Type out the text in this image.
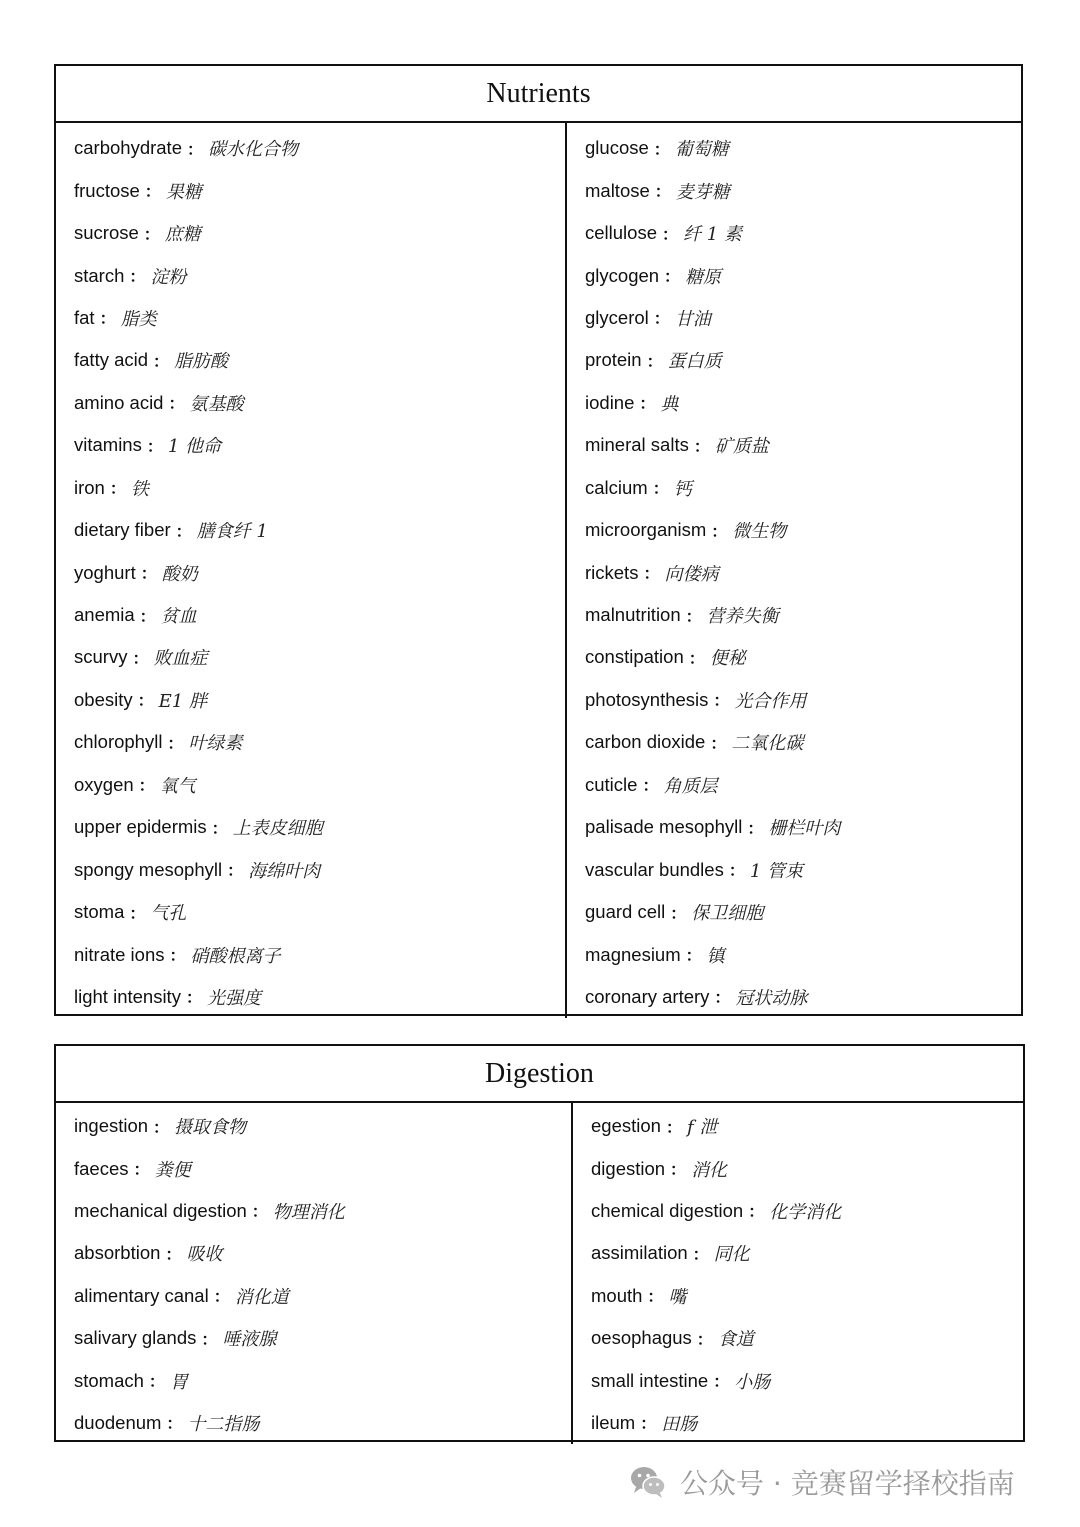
Nutrients
carbohydrate ： 碳水化合物
fructose ： 果糖
sucrose ： 庶糖
starch ： 淀粉
fat ： 脂类
fatty acid ： 脂肪酸
amino acid ： 氨基酸
vitamins ： 1 他命
iron ： 铁
dietary fiber ： 膳食纤 1
yoghurt ： 酸奶
anemia ： 贫血
scurvy ： 败血症
obesity ： E1 胖
chlorophyll ： 叶绿素
oxygen ： 氧气
upper epidermis ： 上表皮细胞
spongy mesophyll ： 海绵叶肉
stoma ： 气孔
nitrate ions ： 硝酸根离子
light intensity ： 光强度
glucose ： 葡萄糖
maltose ： 麦芽糖
cellulose ： 纤 1 素
glycogen ： 糖原
glycerol ： 甘油
protein ： 蛋白质
iodine ： 典
mineral salts ： 矿质盐
calcium ： 钙
microorganism ： 微生物
rickets ： 向偻病
malnutrition ： 营养失衡
constipation ： 便秘
photosynthesis ： 光合作用
carbon dioxide ： 二氧化碳
cuticle ： 角质层
palisade mesophyll ： 栅栏叶肉
vascular bundles ： 1 管束
guard cell ： 保卫细胞
magnesium ： 镇
coronary artery ： 冠状动脉
Digestion
ingestion ： 摄取食物
faeces ： 粪便
mechanical digestion ： 物理消化
absorbtion ： 吸收
alimentary canal ： 消化道
salivary glands ： 唾液腺
stomach ： 胃
duodenum ： 十二指肠
egestion ： f 泄
digestion ： 消化
chemical digestion ： 化学消化
assimilation ： 同化
mouth ： 嘴
oesophagus ： 食道
small intestine ： 小肠
ileum ： 田肠
公众号 · 竞赛留学择校指南
